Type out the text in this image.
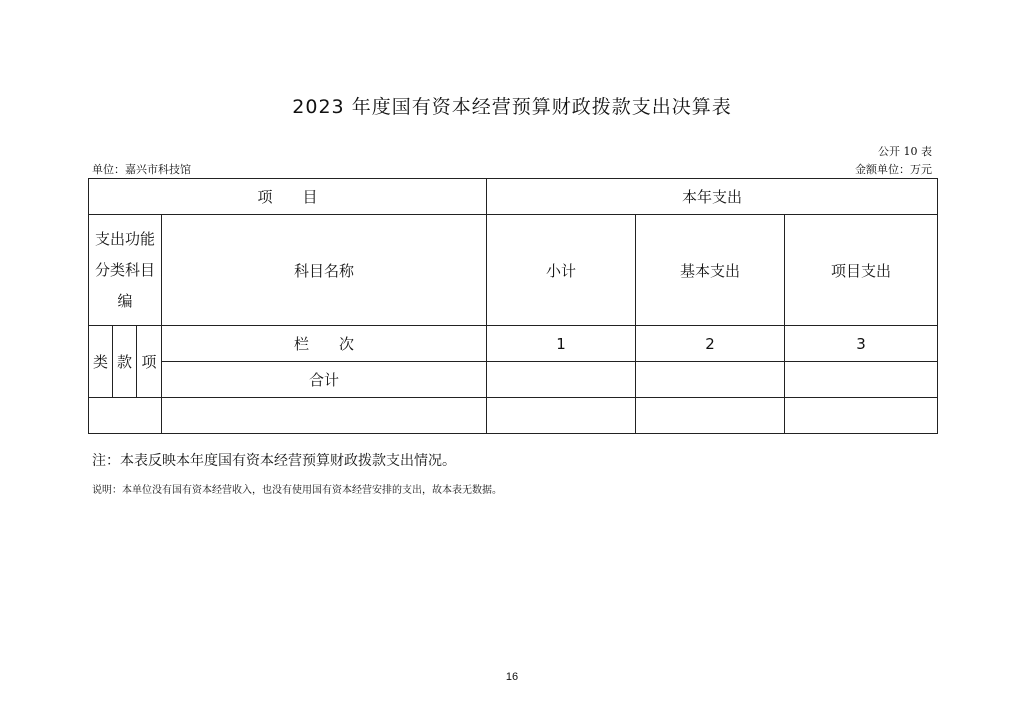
2023 年度国有资本经营预算财政拨款支出决算表
公开 10 表
单位：嘉兴市科技馆	金额单位：万元
项　　目				本年支出		

支出功能分类科目编			科目名称	小计	基本支出	项目支出
类	款	项	栏　　次	1	2	3
			合计			

注：本表反映本年度国有资本经营预算财政拨款支出情况。
说明：本单位没有国有资本经营收入，也没有使用国有资本经营安排的支出，故本表无数据。
16
